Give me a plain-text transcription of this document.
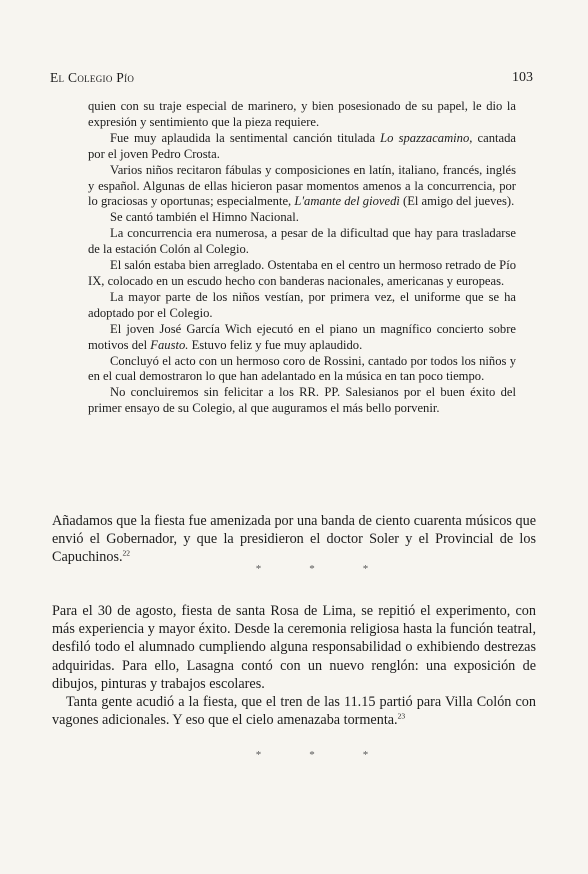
El Colegio Pío	103

quien con su traje especial de marinero, y bien posesionado de su papel, le dio la expresión y sentimiento que la pieza requiere.

Fue muy aplaudida la sentimental canción titulada Lo spazzacamino, cantada por el joven Pedro Crosta.

Varios niños recitaron fábulas y composiciones en latín, italiano, francés, inglés y español. Algunas de ellas hicieron pasar momentos amenos a la concurrencia, por lo graciosas y oportunas; especialmente, L'amante del giovedì (El amigo del jueves).

Se cantó también el Himno Nacional.

La concurrencia era numerosa, a pesar de la dificultad que hay para trasladarse de la estación Colón al Colegio.

El salón estaba bien arreglado. Ostentaba en el centro un hermoso retrado de Pío IX, colocado en un escudo hecho con banderas nacionales, americanas y europeas.

La mayor parte de los niños vestían, por primera vez, el uniforme que se ha adoptado por el Colegio.

El joven José García Wich ejecutó en el piano un magnífico concierto sobre motivos del Fausto. Estuvo feliz y fue muy aplaudido.

Concluyó el acto con un hermoso coro de Rossini, cantado por todos los niños y en el cual demostraron lo que han adelantado en la música en tan poco tiempo.

No concluiremos sin felicitar a los RR. PP. Salesianos por el buen éxito del primer ensayo de su Colegio, al que auguramos el más bello porvenir.

Añadamos que la fiesta fue amenizada por una banda de ciento cuarenta músicos que envió el Gobernador, y que la presidieron el doctor Soler y el Provincial de los Capuchinos.$^{22}$

*	*	*

Para el 30 de agosto, fiesta de santa Rosa de Lima, se repitió el experimento, con más experiencia y mayor éxito. Desde la ceremonia religiosa hasta la función teatral, desfiló todo el alumnado cumpliendo alguna responsabilidad o exhibiendo destrezas adquiridas. Para ello, Lasagna contó con un nuevo renglón: una exposición de dibujos, pinturas y trabajos escolares.

Tanta gente acudió a la fiesta, que el tren de las 11.15 partió para Villa Colón con vagones adicionales. Y eso que el cielo amenazaba tormenta.$^{23}$

*	*	*
